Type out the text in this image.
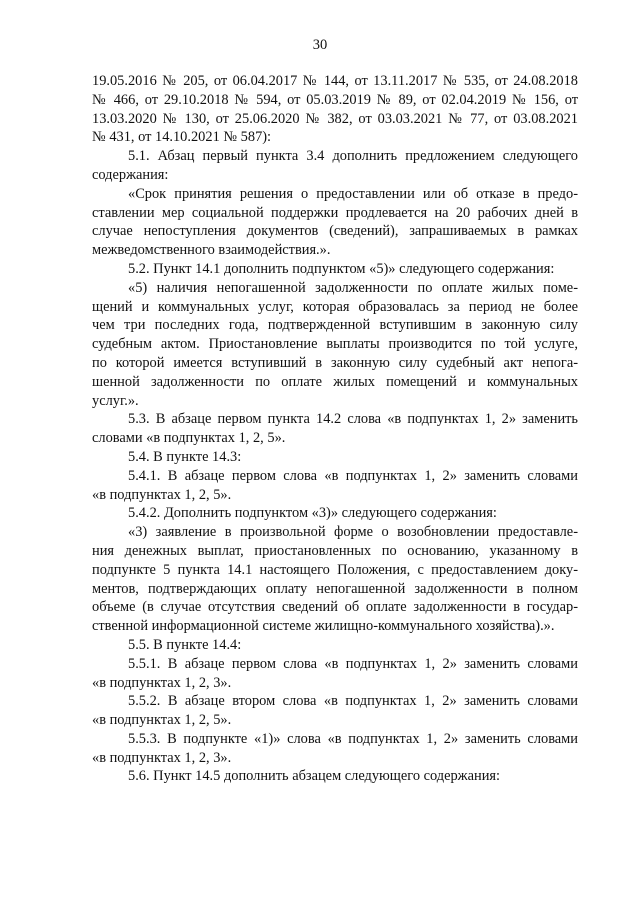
30
19.05.2016 № 205, от 06.04.2017 № 144, от 13.11.2017 № 535, от 24.08.2018
№ 466, от 29.10.2018 № 594, от 05.03.2019 № 89, от 02.04.2019 № 156, от
13.03.2020 № 130, от 25.06.2020 № 382, от 03.03.2021 № 77, от 03.08.2021
№ 431, от 14.10.2021 № 587):
5.1. Абзац первый пункта 3.4 дополнить предложением следующего
содержания:
«Срок принятия решения о предоставлении или об отказе в предо-
ставлении мер социальной поддержки продлевается на 20 рабочих дней в
случае непоступления документов (сведений), запрашиваемых в рамках
межведомственного взаимодействия.».
5.2. Пункт 14.1 дополнить подпунктом «5)» следующего содержания:
«5) наличия непогашенной задолженности по оплате жилых поме-
щений и коммунальных услуг, которая образовалась за период не более
чем три последних года, подтвержденной вступившим в законную силу
судебным актом. Приостановление выплаты производится по той услуге,
по которой имеется вступивший в законную силу судебный акт непога-
шенной задолженности по оплате жилых помещений и коммунальных
услуг.».
5.3. В абзаце первом пункта 14.2 слова «в подпунктах 1, 2» заменить
словами «в подпунктах 1, 2, 5».
5.4. В пункте 14.3:
5.4.1. В абзаце первом слова «в подпунктах 1, 2» заменить словами
«в подпунктах 1, 2, 5».
5.4.2. Дополнить подпунктом «3)» следующего содержания:
«3) заявление в произвольной форме о возобновлении предоставле-
ния денежных выплат, приостановленных по основанию, указанному в
подпункте 5 пункта 14.1 настоящего Положения, с предоставлением доку-
ментов, подтверждающих оплату непогашенной задолженности в полном
объеме (в случае отсутствия сведений об оплате задолженности в государ-
ственной информационной системе жилищно-коммунального хозяйства).».
5.5. В пункте 14.4:
5.5.1. В абзаце первом слова «в подпунктах 1, 2» заменить словами
«в подпунктах 1, 2, 3».
5.5.2. В абзаце втором слова «в подпунктах 1, 2» заменить словами
«в подпунктах 1, 2, 5».
5.5.3. В подпункте «1)» слова «в подпунктах 1, 2» заменить словами
«в подпунктах 1, 2, 3».
5.6. Пункт 14.5 дополнить абзацем следующего содержания:
